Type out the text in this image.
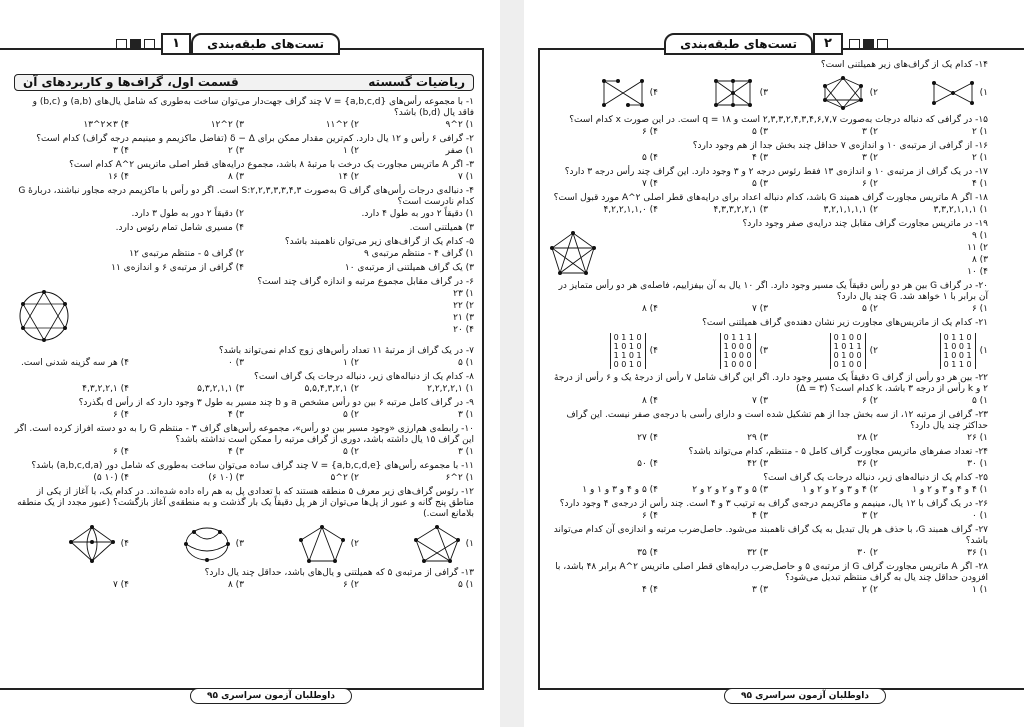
تست‌های طبقه‌بندی
۱
ریاضیات گسسته
قسمت اول، گراف‌ها و کاربردهای آن
۱- با مجموعه رأس‌های V = {a,b,c,d} چند گراف جهت‌دار می‌توان ساخت به‌طوری که شامل یال‌های (a,b) و (b,c) و فاقد یال (b,d) باشد؟
۱) ۲^۹
۲) ۲^۱۱
۳) ۲^۱۲
۴) ۳×۲^۱۳
۲- گرافی ۶ رأس و ۱۲ یال دارد. کم‌ترین مقدار ممکن برای δ − Δ (تفاضل ماکزیمم و مینیمم درجه گراف) کدام است؟
۱) صفر
۲) ۱
۳) ۲
۴) ۳
۳- اگر A ماتریس مجاورت یک درخت با مرتبهٔ ۸ باشد، مجموع درایه‌های قطر اصلی ماتریس A^۲ کدام است؟
۱) ۷
۲) ۱۴
۳) ۸
۴) ۱۶
۴- دنباله‌ی درجات رأس‌های گراف G به‌صورت S:۲,۲,۳,۳,۳,۴,۳ است. اگر دو رأس با ماکزیمم درجه مجاور نباشند، دربارهٔ G کدام نادرست است؟
۱) دقیقاً ۲ دور به طول ۴ دارد.
۲) دقیقاً ۲ دور به طول ۳ دارد.
۳) همیلتنی است.
۴) مسیری شامل تمام رئوس دارد.
۵- کدام یک از گراف‌های زیر می‌توان ناهمبند باشد؟
۱) گراف ۴ - منتظم مرتبه‌ی ۹
۲) گراف ۵ - منتظم مرتبه‌ی ۱۲
۳) یک گراف همیلتنی از مرتبه‌ی ۱۰
۴) گرافی از مرتبه‌ی ۶ و اندازه‌ی ۱۱
۶- در گراف مقابل مجموع مرتبه و اندازه گراف چند است؟
۱) ۲۳
۲) ۲۲
۳) ۲۱
۴) ۲۰
۷- در یک گراف از مرتبهٔ ۱۱ تعداد رأس‌های زوج کدام نمی‌تواند باشد؟
۱) ۵
۲) ۱
۳) ۰
۴) هر سه گزینه شدنی است.
۸- کدام یک از دنباله‌های زیر، دنباله درجات یک گراف است؟
۱) ۲,۲,۲,۲,۱
۲) ۵,۵,۴,۳,۲,۱
۳) ۵,۳,۲,۱,۱
۴) ۴,۳,۲,۲,۱
۹- در گراف کامل مرتبه ۶ بین دو رأس مشخص a و b چند مسیر به طول ۳ وجود دارد که از رأس d بگذرد؟
۱) ۳
۲) ۵
۳) ۴
۴) ۶
۱۰- رابطه‌ی هم‌ارزی «وجود مسیر بین دو رأس»، مجموعه رأس‌های گراف ۳ - منتظم G را به دو دسته افراز کرده است. اگر این گراف ۱۵ یال داشته باشد، دوری از گراف مرتبه را ممکن است نداشته باشد؟
۱) ۳
۲) ۵
۳) ۴
۴) ۶
۱۱- با مجموعه رأس‌های V = {a,b,c,d,e} چند گراف ساده می‌توان ساخت به‌طوری که شامل دور (a,b,c,d,a) باشد؟
۱) ۲^۶
۲) ۲^۵
۳) (۱۰ ۶)
۴) (۱۰ ۵)
۱۲- رئوس گراف‌های زیر معرف ۵ منطقه هستند که با تعدادی پل به هم راه داده شده‌اند. در کدام یک، با آغاز از یکی از مناطق پنج گانه و عبور از پل‌ها می‌توان از هر پل دقیقاً یک بار گذشت و به منطقه‌ی آغاز بازگشت؟ (عبور مجدد از یک منطقه بلامانع است.)
۱)
۲)
۳)
۴)
۱۳- گرافی از مرتبه‌ی ۵ که همیلتنی و یال‌های باشد، حداقل چند یال دارد؟
۱) ۵
۲) ۶
۳) ۸
۴) ۷
داوطلبان آزمون سراسری ۹۵
۲
تست‌های طبقه‌بندی
داوطلبان آزمون سراسری ۹۵
۱۴- کدام یک از گراف‌های زیر همیلتنی است؟
۱)
۲)
۳)
۴)
۱۵- در گرافی که دنباله درجات به‌صورت ۲,۳,۳,۲,۴,۳,۴,۶,۷,۷ است و q = ۱۸ است. در این صورت x کدام است؟
۱) ۲
۲) ۳
۳) ۵
۴) ۶
۱۶- از گرافی از مرتبه‌ی ۱۰ و اندازه‌ی ۷ حداقل چند بخش جدا از هم وجود دارد؟
۱) ۲
۲) ۳
۳) ۴
۴) ۵
۱۷- در یک گراف از مرتبه‌ی ۱۰ و اندازه‌ی ۱۳ فقط رئوس درجه ۲ و ۳ وجود دارد. این گراف چند رأس درجه ۳ دارد؟
۱) ۴
۲) ۶
۳) ۵
۴) ۷
۱۸- اگر A ماتریس مجاورت گراف همبند G باشد، کدام دنباله اعداد برای درایه‌های قطر اصلی A^۲ مورد قبول است؟
۱) ۳,۳,۲,۱,۱,۱
۲) ۳,۲,۱,۱,۱,۱
۳) ۴,۳,۳,۲,۲,۱
۴) ۴,۲,۲,۱,۱,۰
۱۹- در ماتریس مجاورت گراف مقابل چند درایه‌ی صفر وجود دارد؟
۱) ۹
۲) ۱۱
۳) ۸
۴) ۱۰
۲۰- در گراف G بین هر دو رأس دقیقاً یک مسیر وجود دارد. اگر ۱۰ یال به آن بیفزاییم، فاصله‌ی هر دو رأس متمایز در آن برابر با ۱ خواهد شد. G چند یال دارد؟
۱) ۶
۲) ۵
۳) ۷
۴) ۸
۲۱- کدام یک از ماتریس‌های مجاورت زیر نشان دهنده‌ی گراف همیلتنی است؟
۱)
0 1 1 0
1 0 0 1
1 0 0 1
0 1 1 0
۲)
0 1 0 0
1 0 1 1
0 1 0 0
0 1 0 0
۳)
0 1 1 1
1 0 0 0
1 0 0 0
1 0 0 0
۴)
0 1 1 0
1 0 1 0
1 1 0 1
0 0 1 0
۲۲- بین هر دو رأس از گراف G دقیقاً یک مسیر وجود دارد. اگر این گراف شامل ۷ رأس از درجهٔ یک و ۶ رأس از درجهٔ ۲ و k رأس از درجه ۳ باشد، k کدام است؟ (Δ = ۳)
۱) ۵
۲) ۶
۳) ۷
۴) ۸
۲۳- گرافی از مرتبه ۱۲، از سه بخش جدا از هم تشکیل شده است و دارای رأسی با درجه‌ی صفر نیست. این گراف حداکثر چند یال دارد؟
۱) ۲۶
۲) ۲۸
۳) ۲۹
۴) ۲۷
۲۴- تعداد صفرهای ماتریس مجاورت گراف کامل ۵ - منتظم، کدام می‌تواند باشد؟
۱) ۳۰
۲) ۳۶
۳) ۴۲
۴) ۵۰
۲۵- کدام یک از دنباله‌های زیر، دنباله درجات یک گراف است؟
۱) ۴ و ۴ و ۳ و ۲ و ۱
۲) ۴ و ۳ و ۲ و ۲ و ۱
۳) ۵ و ۳ و ۲ و ۲ و ۲
۴) ۵ و ۴ و ۳ و ۱ و ۱
۲۶- در یک گراف با ۱۲ یال، مینیمم و ماکزیمم درجه‌ی گراف به ترتیب ۳ و ۴ است. چند رأس از درجه‌ی ۴ وجود دارد؟
۱) ۰
۲) ۳
۳) ۴
۴) ۶
۲۷- گراف همبند G، با حذف هر یال تبدیل به یک گراف ناهمبند می‌شود. حاصل‌ضرب مرتبه و اندازه‌ی آن کدام می‌تواند باشد؟
۱) ۳۶
۲) ۳۰
۳) ۳۲
۴) ۳۵
۲۸- اگر A ماتریس مجاورت گراف G از مرتبه‌ی ۵ و حاصل‌ضرب درایه‌های قطر اصلی ماتریس A^۲ برابر ۴۸ باشد، با افزودن حداقل چند یال به گراف منتظم تبدیل می‌شود؟
۱) ۱
۲) ۲
۳) ۳
۴) ۴
